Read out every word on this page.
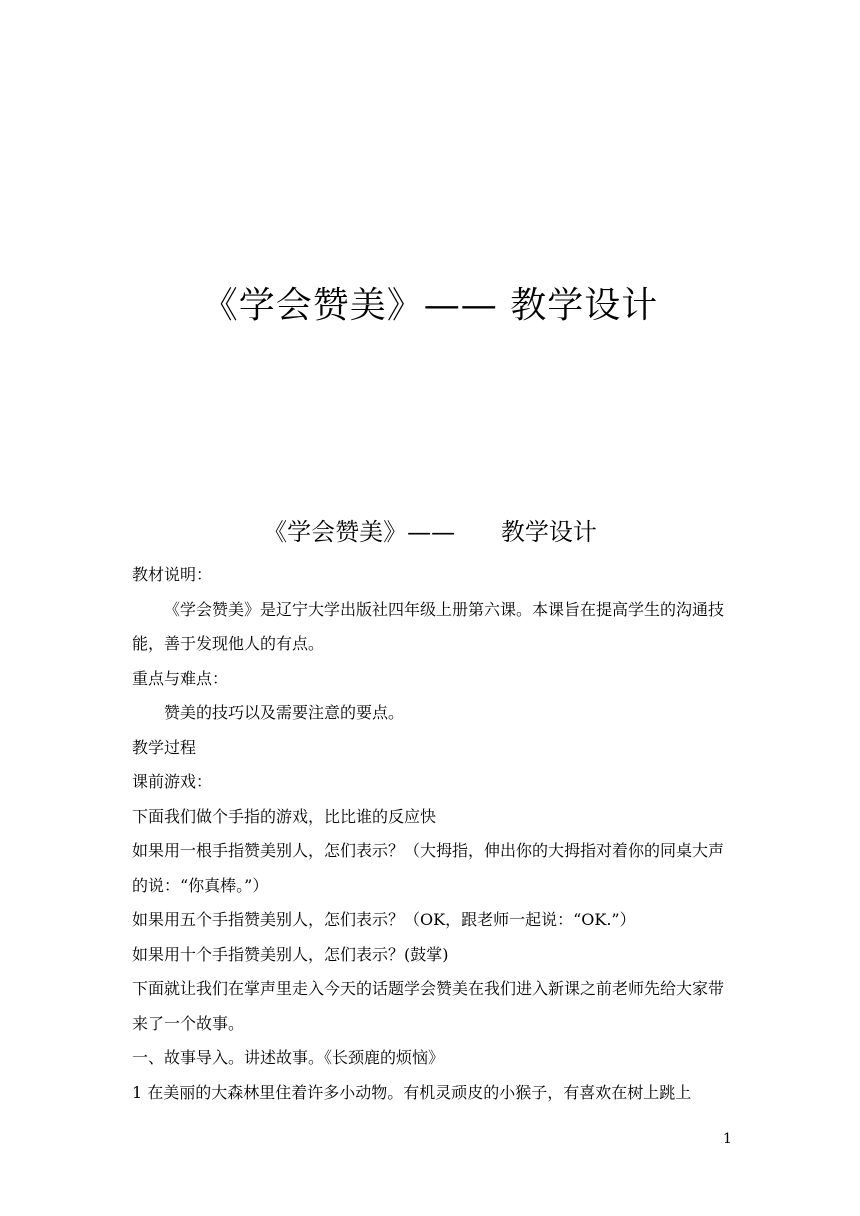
《学会赞美》—— 教学设计
《学会赞美》——      教学设计

教材说明：

《学会赞美》是辽宁大学出版社四年级上册第六课。本课旨在提高学生的沟通技能，善于发现他人的有点。

重点与难点：

赞美的技巧以及需要注意的要点。

教学过程

课前游戏：

下面我们做个手指的游戏，比比谁的反应快

如果用一根手指赞美别人，怎们表示？（大拇指，伸出你的大拇指对着你的同桌大声的说：“你真棒。”）

如果用五个手指赞美别人，怎们表示？（OK，跟老师一起说：“OK.”）

如果用十个手指赞美别人，怎们表示？(鼓掌)

下面就让我们在掌声里走入今天的话题学会赞美在我们进入新课之前老师先给大家带来了一个故事。

一、故事导入。讲述故事。《长颈鹿的烦恼》

1 在美丽的大森林里住着许多小动物。有机灵顽皮的小猴子，有喜欢在树上跳上

1
